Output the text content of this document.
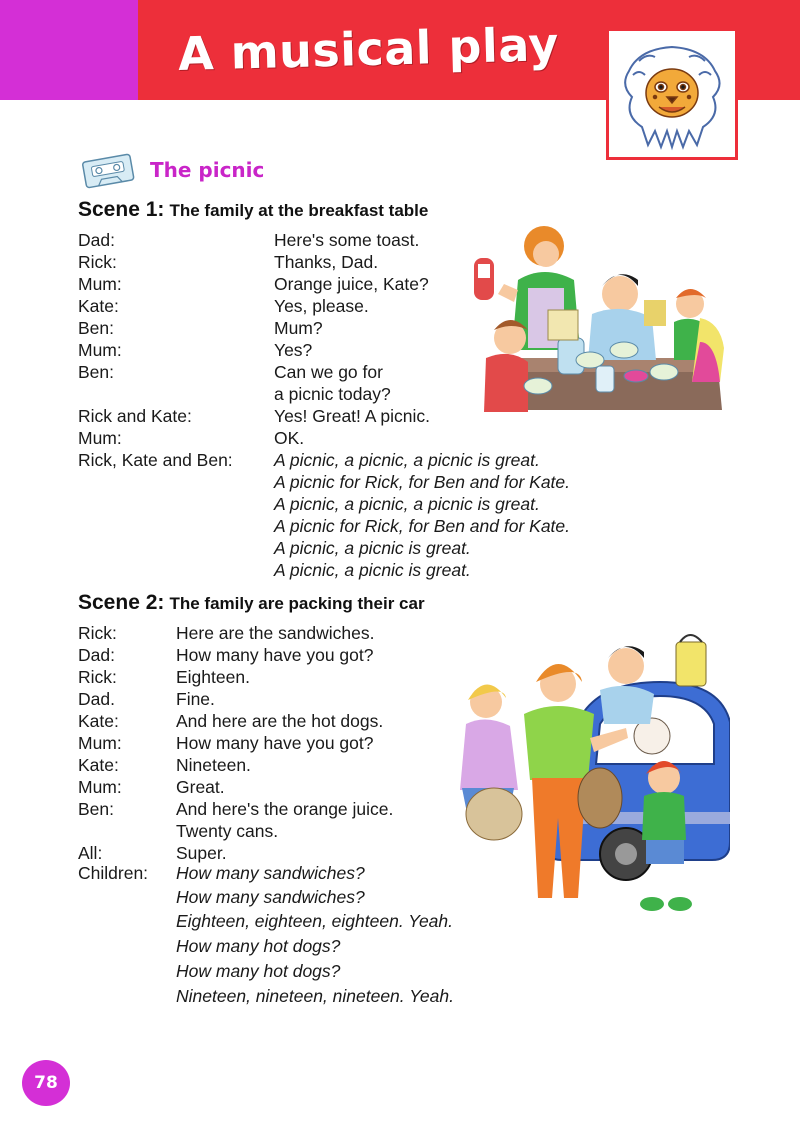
A musical play
The picnic
Scene 1: The family at the breakfast table
Dad:	Here's some toast.
Rick:	Thanks, Dad.
Mum:	Orange juice, Kate?
Kate:	Yes, please.
Ben:	Mum?
Mum:	Yes?
Ben:	Can we go for
a picnic today?
Rick and Kate:	Yes! Great! A picnic.
Mum:	OK.
Rick, Kate and Ben: A picnic, a picnic, a picnic is great.
A picnic for Rick, for Ben and for Kate.
A picnic, a picnic, a picnic is great.
A picnic for Rick, for Ben and for Kate.
A picnic, a picnic is great.
A picnic, a picnic is great.
Scene 2: The family are packing their car
Rick:	Here are the sandwiches.
Dad:	How many have you got?
Rick:	Eighteen.
Dad.	Fine.
Kate:	And here are the hot dogs.
Mum:	How many have you got?
Kate:	Nineteen.
Mum:	Great.
Ben:	And here's the orange juice.
Twenty cans.
All:	Super.
Children: How many sandwiches?
How many sandwiches?
Eighteen, eighteen, eighteen. Yeah.
How many hot dogs?
How many hot dogs?
Nineteen, nineteen, nineteen. Yeah.
78
